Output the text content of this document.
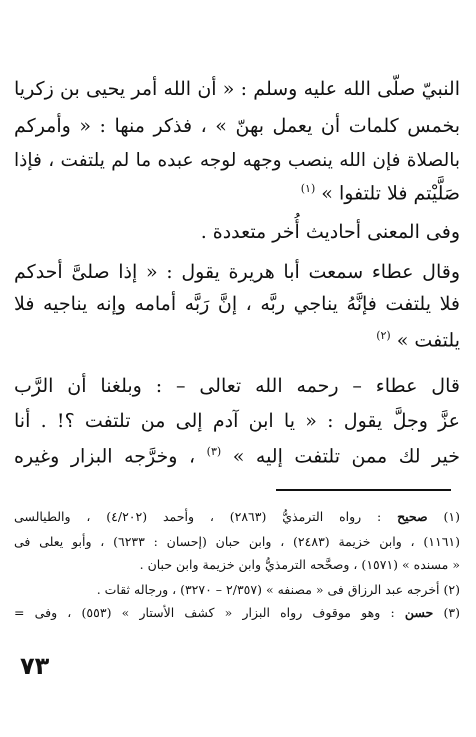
النبيّ صلّى الله عليه وسلم : « أن الله أمر يحيى بن زكريا
بخمس كلمات أن يعمل بهنّ » ، فذكر منها : « وأمركم
بالصلاة فإن الله ينصب وجهه لوجه عبده ما لم يلتفت ، فإذا
صَلَّيْتم فلا تلتفوا » $^{(١)}$
وفى المعنى أحاديث أُخر متعددة .
وقال عطاء سمعت أبا هريرة يقول : « إذا صلىَّ أحدكم
فلا يلتفت فإنَّهُ يناجي ربَّه ، إنَّ رَبَّه أمامه وإنه يناجيه فلا
يلتفت » $^{(٢)}$
قال عطاء – رحمه الله تعالى – : وبلغنا أن الرَّب
عزَّ وجلَّ يقول : « يا ابن آدم إلى من تلتفت ؟! . أنا
خير لك ممن تلتفت إليه » $^{(٣)}$ ، وخرَّجه البزار وغيره
(١) صحيح : رواه الترمذيُّ (٢٨٦٣) ، وأحمد (٤/٢٠٢) ، والطيالسى
(١١٦١) ، وابن خزيمة (٢٤٨٣) ، وابن حبان (إحسان : ٦٢٣٣) ، وأبو يعلى فى
« مسنده » (١٥٧١) ، وصحَّحه الترمذيُّ وابن خزيمة وابن حبان .
(٢) أخرجه عبد الرزاق فى « مصنفه » (٢/٣٥٧ – ٣٢٧٠) ، ورجاله ثقات .
(٣) حسن : وهو موقوف رواه البزار « كشف الأستار » (٥٥٣) ، وفى =
٧٣
